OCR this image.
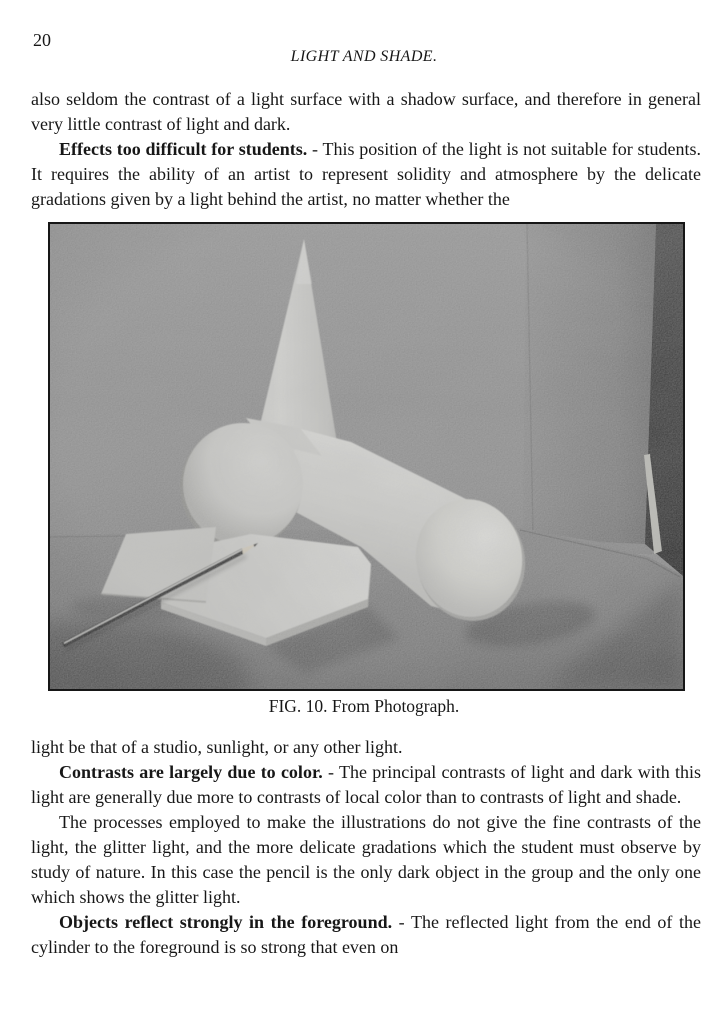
20
LIGHT AND SHADE.

also seldom the contrast of a light surface with a shadow surface, and therefore in general very little contrast of light and dark.

Effects too difficult for students. - This position of the light is not suitable for students. It requires the ability of an artist to represent solidity and atmosphere by the delicate gradations given by a light behind the artist, no matter whether the

FIG. 10. From Photograph.

light be that of a studio, sunlight, or any other light.

Contrasts are largely due to color. - The principal contrasts of light and dark with this light are generally due more to contrasts of local color than to contrasts of light and shade.

The processes employed to make the illustrations do not give the fine contrasts of the light, the glitter light, and the more delicate gradations which the student must observe by study of nature. In this case the pencil is the only dark object in the group and the only one which shows the glitter light.

Objects reflect strongly in the foreground. - The reflected light from the end of the cylinder to the foreground is so strong that even on
